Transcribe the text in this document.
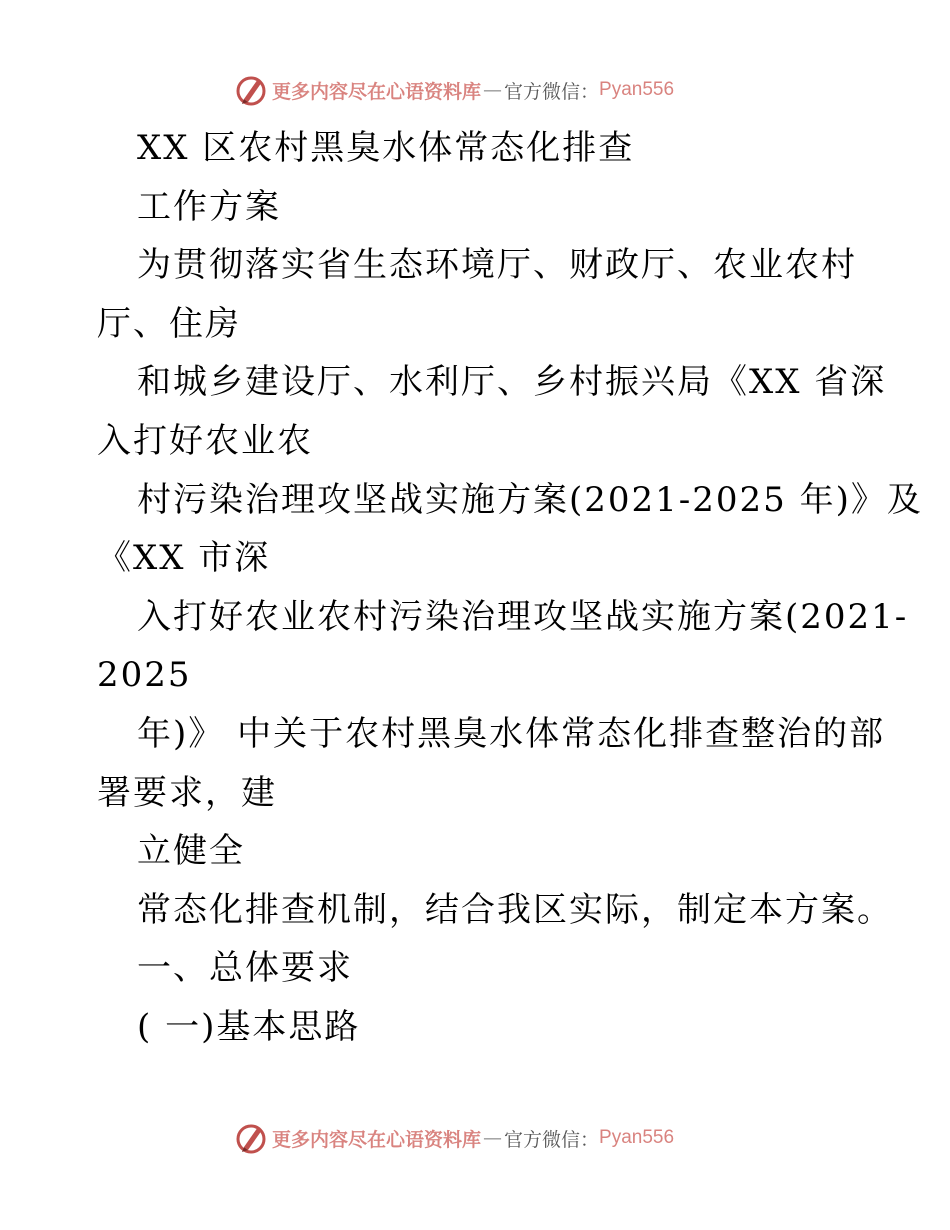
更多内容尽在心语资料库 — 官方微信： Pyan556
XX 区农村黑臭水体常态化排查
工作方案
为贯彻落实省生态环境厅、财政厅、农业农村
厅、住房
和城乡建设厅、水利厅、乡村振兴局《XX 省深
入打好农业农
村污染治理攻坚战实施方案(2021-2025 年)》及
《XX 市深
入打好农业农村污染治理攻坚战实施方案(2021-
2025
年)》 中关于农村黑臭水体常态化排查整治的部
署要求，建
立健全
常态化排查机制，结合我区实际，制定本方案。
一、总体要求
( 一)基本思路
更多内容尽在心语资料库 — 官方微信： Pyan556
